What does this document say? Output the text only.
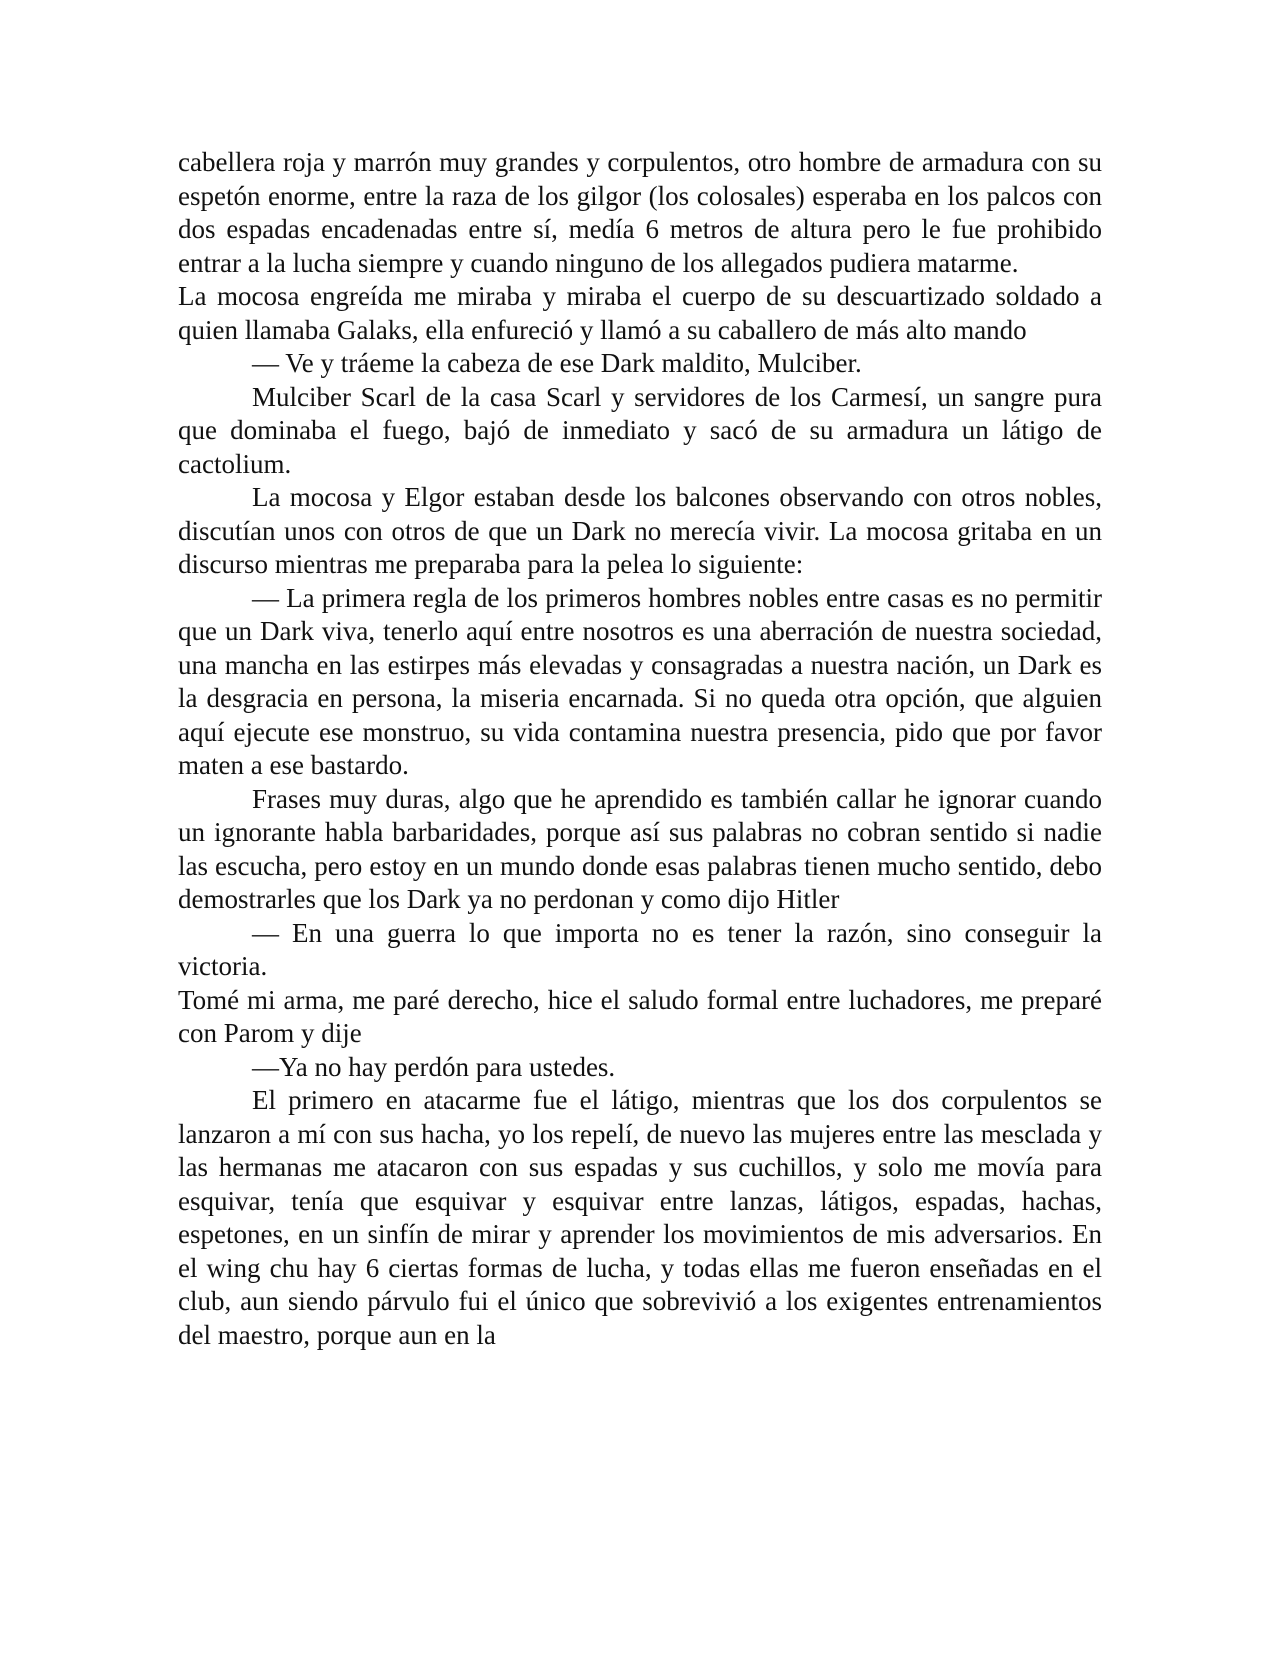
cabellera roja y marrón muy grandes y corpulentos, otro hombre de armadura con su espetón enorme, entre la raza de los gilgor (los colosales) esperaba en los palcos con dos espadas encadenadas entre sí, medía 6 metros de altura pero le fue prohibido entrar a la lucha siempre y cuando ninguno de los allegados pudiera matarme.

La mocosa engreída me miraba y miraba el cuerpo de su descuartizado soldado a quien llamaba Galaks, ella enfureció y llamó a su caballero de más alto mando

— Ve y tráeme la cabeza de ese Dark maldito, Mulciber.

Mulciber Scarl de la casa Scarl y servidores de los Carmesí, un sangre pura que dominaba el fuego, bajó de inmediato y sacó de su armadura un látigo de cactolium.

La mocosa y Elgor estaban desde los balcones observando con otros nobles, discutían unos con otros de que un Dark no merecía vivir. La mocosa gritaba en un discurso mientras me preparaba para la pelea lo siguiente:

— La primera regla de los primeros hombres nobles entre casas es no permitir que un Dark viva, tenerlo aquí entre nosotros es una aberración de nuestra sociedad, una mancha en las estirpes más elevadas y consagradas a nuestra nación, un Dark es la desgracia en persona, la miseria encarnada. Si no queda otra opción, que alguien aquí ejecute ese monstruo, su vida contamina nuestra presencia, pido que por favor maten a ese bastardo.

Frases muy duras, algo que he aprendido es también callar he ignorar cuando un ignorante habla barbaridades, porque así sus palabras no cobran sentido si nadie las escucha, pero estoy en un mundo donde esas palabras tienen mucho sentido, debo demostrarles que los Dark ya no perdonan y como dijo Hitler

— En una guerra lo que importa no es tener la razón, sino conseguir la victoria.

Tomé mi arma, me paré derecho, hice el saludo formal entre luchadores, me preparé con Parom y dije

—Ya no hay perdón para ustedes.

El primero en atacarme fue el látigo, mientras que los dos corpulentos se lanzaron a mí con sus hacha, yo los repelí, de nuevo las mujeres entre las mesclada y las hermanas me atacaron con sus espadas y sus cuchillos, y solo me movía para esquivar, tenía que esquivar y esquivar entre lanzas, látigos, espadas, hachas, espetones, en un sinfín de mirar y aprender los movimientos de mis adversarios. En el wing chu hay 6 ciertas formas de lucha, y todas ellas me fueron enseñadas en el club, aun siendo párvulo fui el único que sobrevivió a los exigentes entrenamientos del maestro, porque aun en la
